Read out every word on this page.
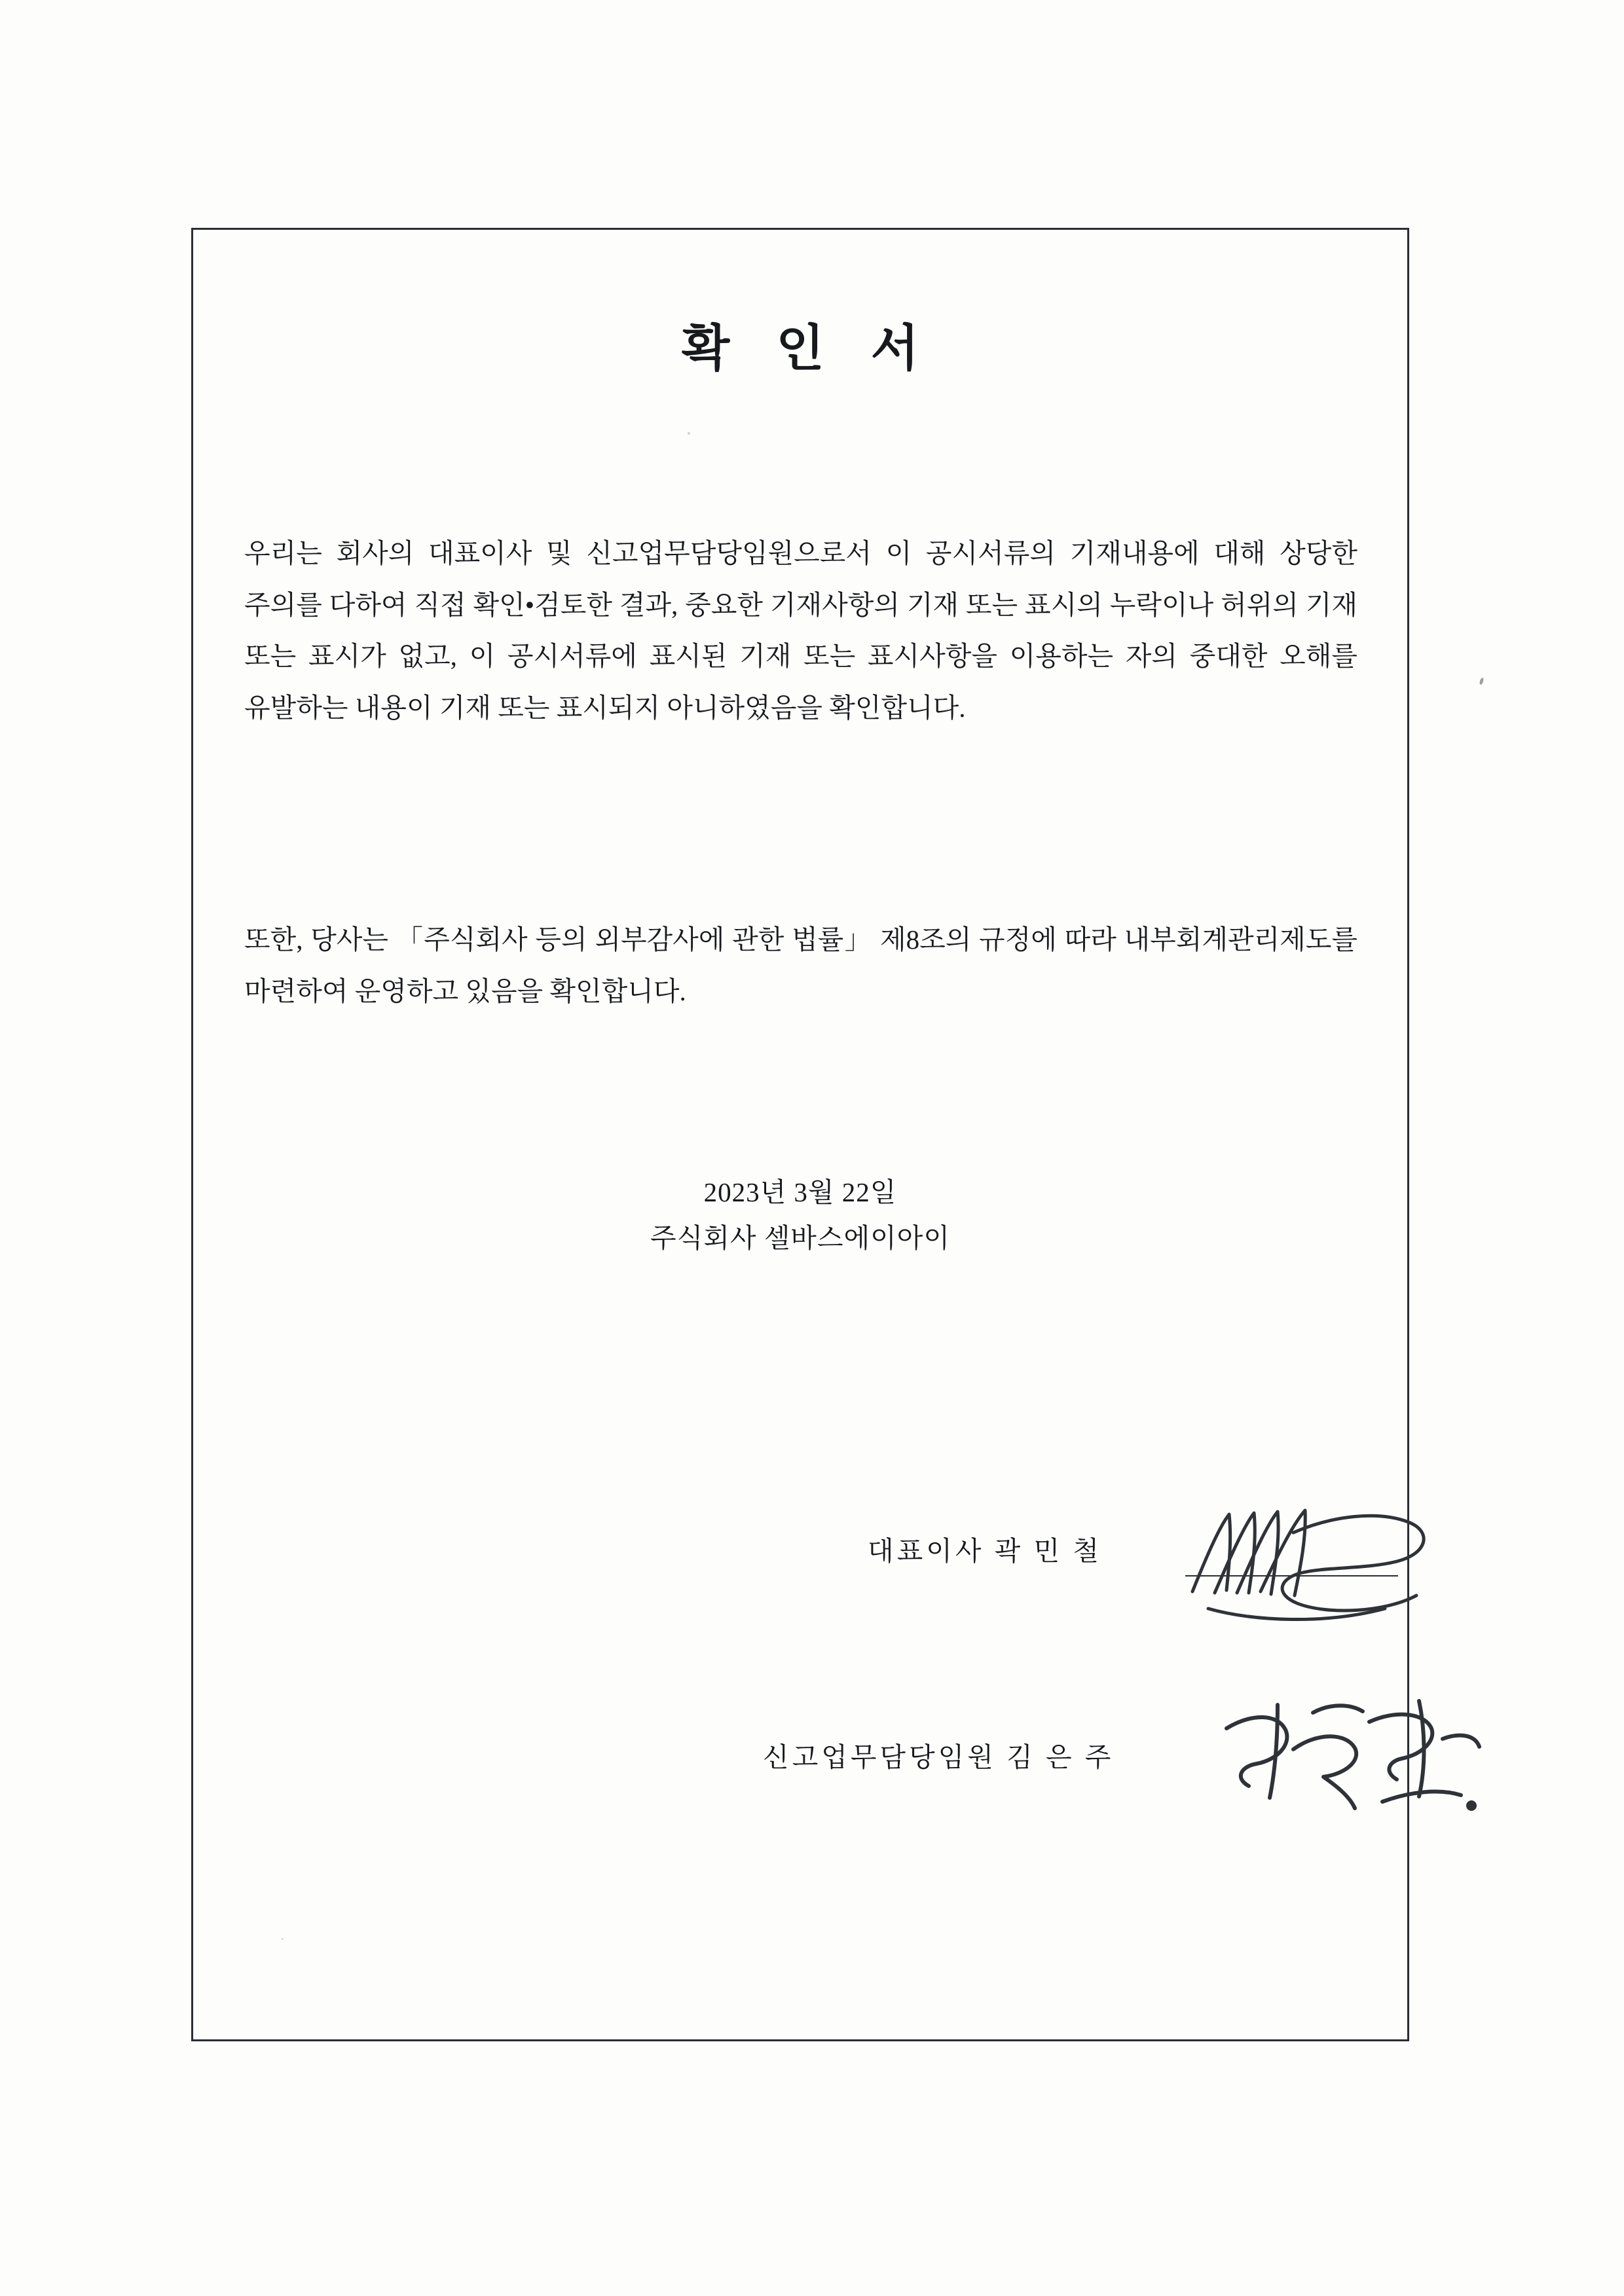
확 인 서
우리는 회사의 대표이사 및 신고업무담당임원으로서 이 공시서류의 기재내용에 대해 상당한 주의를 다하여 직접 확인•검토한 결과, 중요한 기재사항의 기재 또는 표시의 누락이나 허위의 기재 또는 표시가 없고, 이 공시서류에 표시된 기재 또는 표시사항을 이용하는 자의 중대한 오해를 유발하는 내용이 기재 또는 표시되지 아니하였음을 확인합니다.
또한, 당사는 「주식회사 등의 외부감사에 관한 법률」 제8조의 규정에 따라 내부회계관리제도를 마련하여 운영하고 있음을 확인합니다.
2023년 3월 22일
주식회사 셀바스에이아이
대표이사 곽 민 철
신고업무담당임원 김 은 주
